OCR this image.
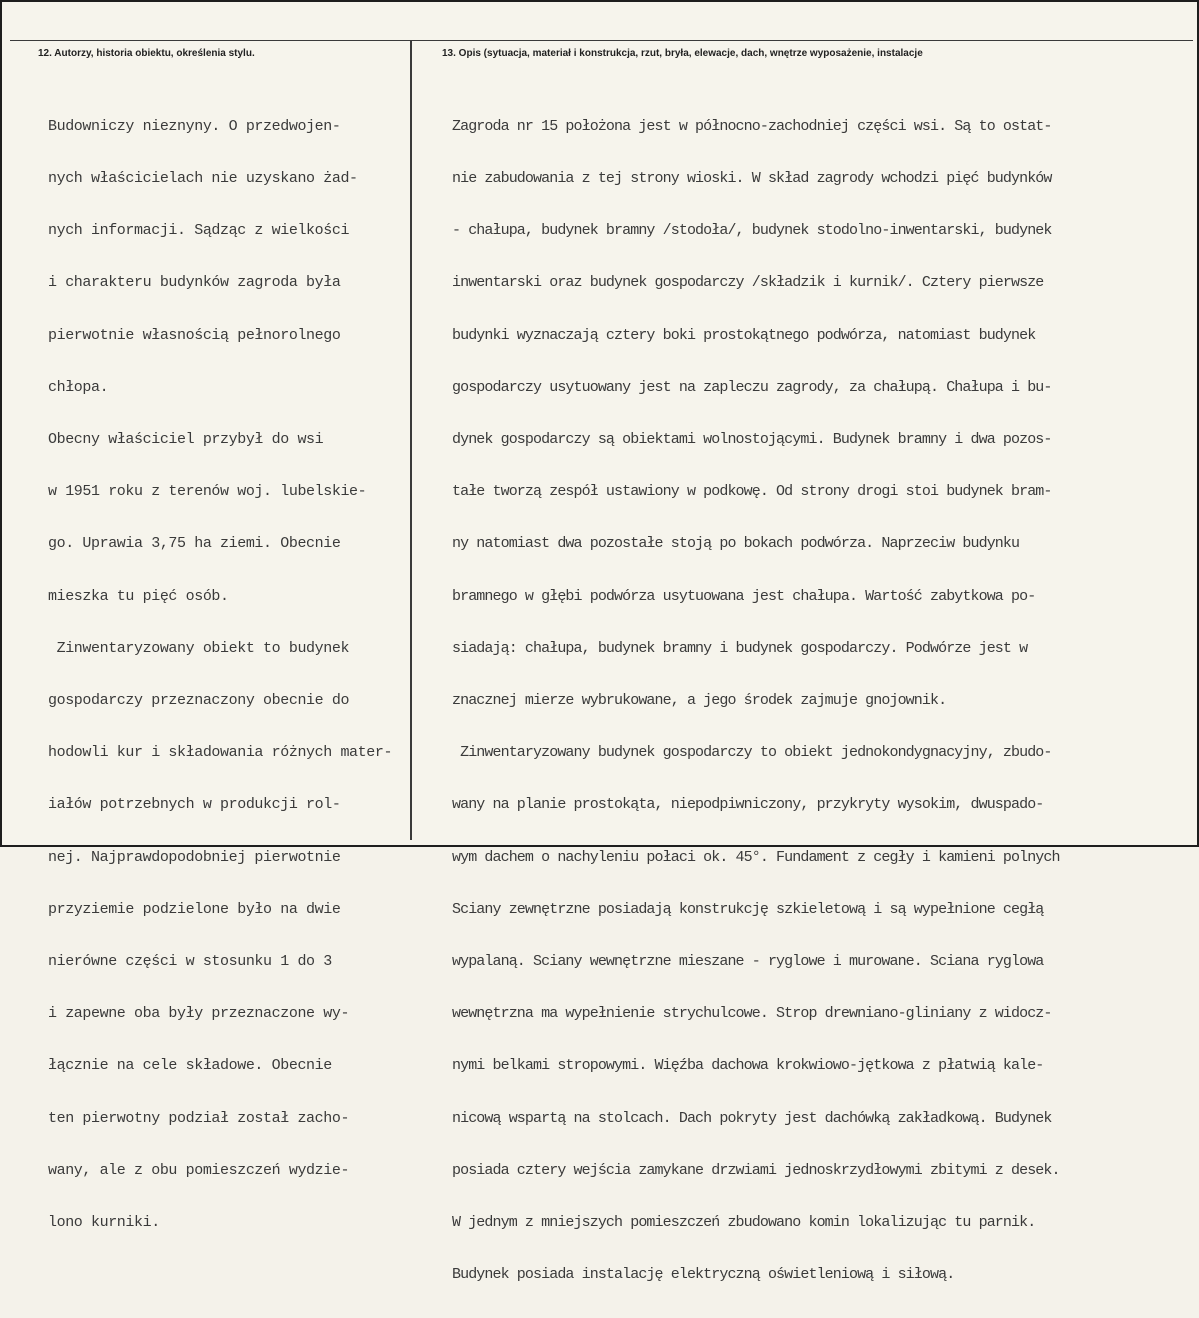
12. Autorzy, historia obiektu, określenia stylu.	13. Opis (sytuacja, materiał i konstrukcja, rzut, bryła, elewacje, dach, wnętrze wyposażenie, instalacje

Budowniczy nieznyny. O przedwojen-

nych właścicielach nie uzyskano żad-

nych informacji. Sądząc z wielkości

i charakteru budynków zagroda była

pierwotnie własnością pełnorolnego

chłopa.

Obecny właściciel przybył do wsi

w 1951 roku z terenów woj. lubelskie-

go. Uprawia 3,75 ha ziemi. Obecnie

mieszka tu pięć osób.

Zinwentaryzowany obiekt to budynek

gospodarczy przeznaczony obecnie do

hodowli kur i składowania różnych mater-

iałów potrzebnych w produkcji rol-

nej. Najprawdopodobniej pierwotnie

przyziemie podzielone było na dwie

nierówne części w stosunku 1 do 3

i zapewne oba były przeznaczone wy-

łącznie na cele składowe. Obecnie

ten pierwotny podział został zacho-

wany, ale z obu pomieszczeń wydzie-

lono kurniki.

Zagroda nr 15 położona jest w północno-zachodniej części wsi. Są to ostat-

nie zabudowania z tej strony wioski. W skład zagrody wchodzi pięć budynków

- chałupa, budynek bramny /stodoła/, budynek stodolno-inwentarski, budynek

inwentarski oraz budynek gospodarczy /składzik i kurnik/. Cztery pierwsze

budynki wyznaczają cztery boki prostokątnego podwórza, natomiast budynek

gospodarczy usytuowany jest na zapleczu zagrody, za chałupą. Chałupa i bu-

dynek gospodarczy są obiektami wolnostojącymi. Budynek bramny i dwa pozos-

tałe tworzą zespół ustawiony w podkowę. Od strony drogi stoi budynek bram-

ny natomiast dwa pozostałe stoją po bokach podwórza. Naprzeciw budynku

bramnego w głębi podwórza usytuowana jest chałupa. Wartość zabytkowa po-

siadają: chałupa, budynek bramny i budynek gospodarczy. Podwórze jest w

znacznej mierze wybrukowane, a jego środek zajmuje gnojownik.

Zinwentaryzowany budynek gospodarczy to obiekt jednokondygnacyjny, zbudo-

wany na planie prostokąta, niepodpiwniczony, przykryty wysokim, dwuspado-

wym dachem o nachyleniu połaci ok. 45°. Fundament z cegły i kamieni polnych

Sciany zewnętrzne posiadają konstrukcję szkieletową i są wypełnione cegłą

wypalaną. Sciany wewnętrzne mieszane - ryglowe i murowane. Sciana ryglowa

wewnętrzna ma wypełnienie strychulcowe. Strop drewniano-gliniany z widocz-

nymi belkami stropowymi. Więźba dachowa krokwiowo-jętkowa z płatwią kale-

nicową wspartą na stolcach. Dach pokryty jest dachówką zakładkową. Budynek

posiada cztery wejścia zamykane drzwiami jednoskrzydłowymi zbitymi z desek.

W jednym z mniejszych pomieszczeń zbudowano komin lokalizując tu parnik.

Budynek posiada instalację elektryczną oświetleniową i siłową.
